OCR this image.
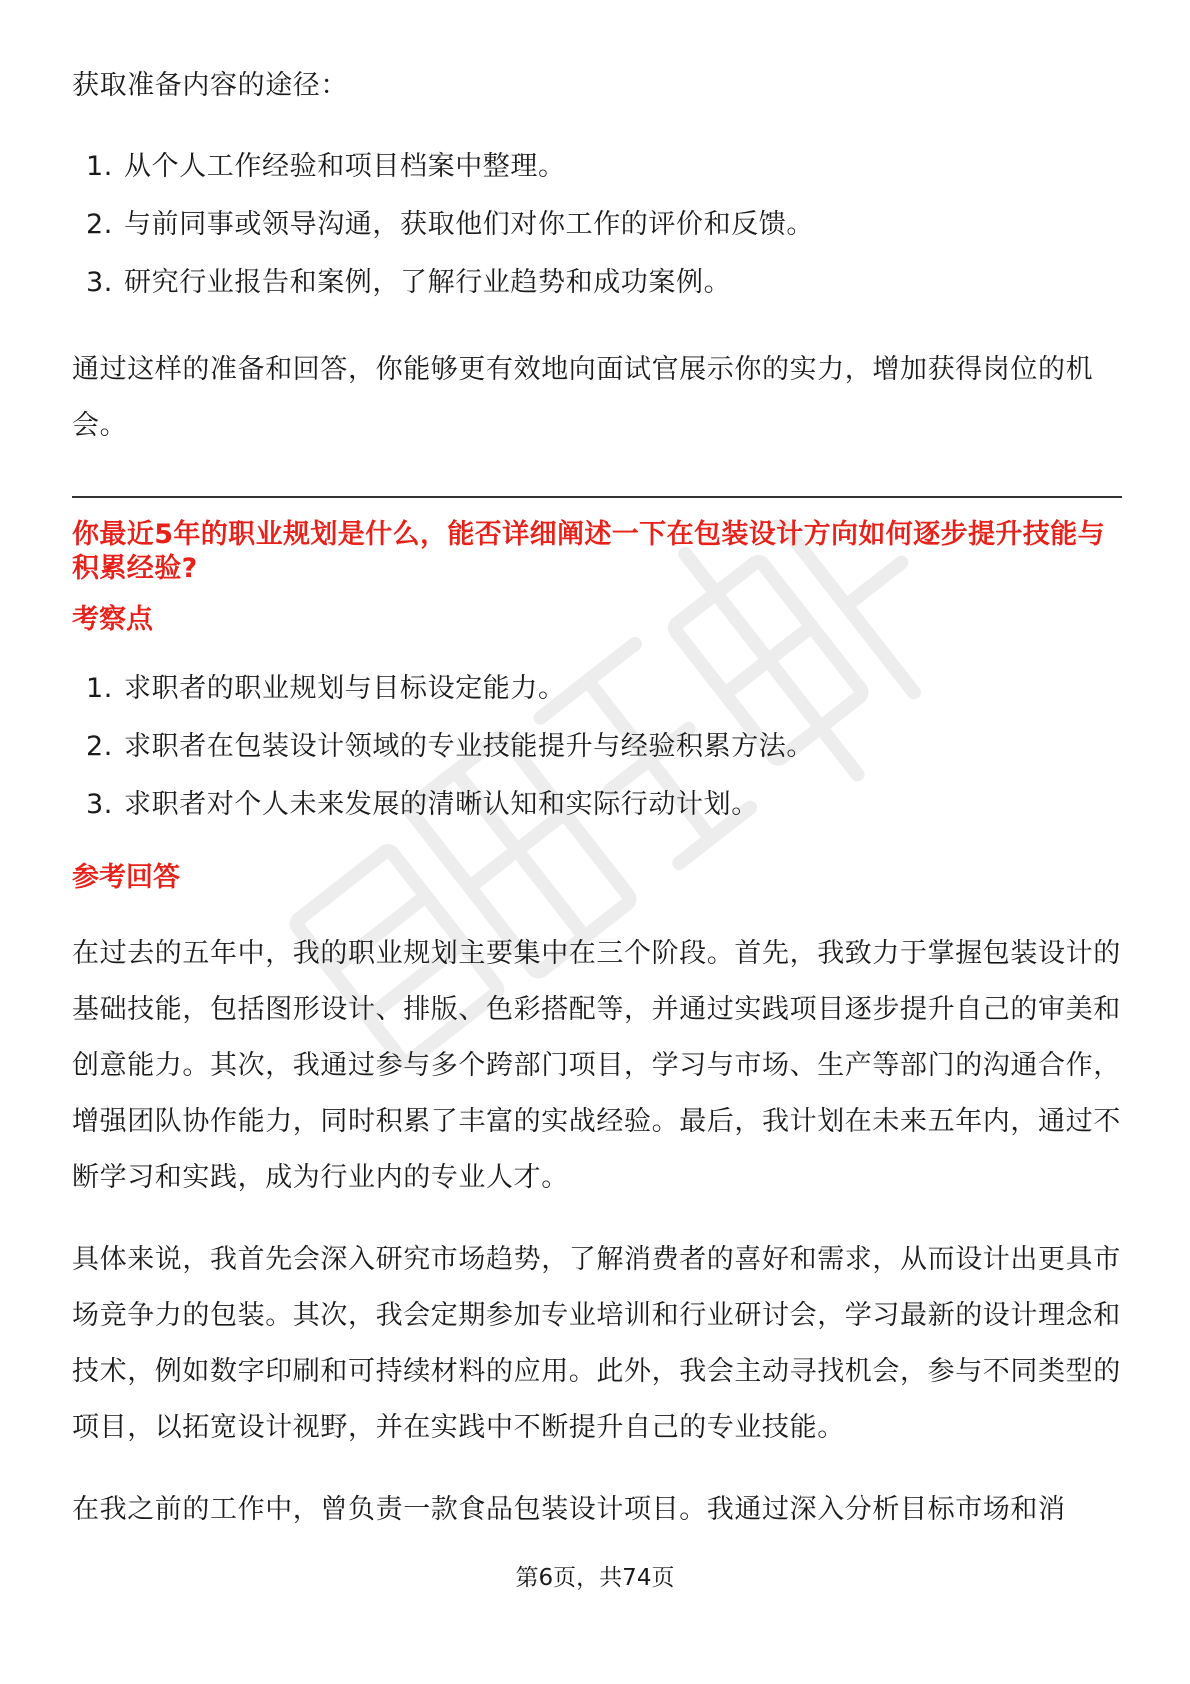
获取准备内容的途径：

1. 从个人工作经验和项目档案中整理。
2. 与前同事或领导沟通，获取他们对你工作的评价和反馈。
3. 研究行业报告和案例，了解行业趋势和成功案例。

通过这样的准备和回答，你能够更有效地向面试官展示你的实力，增加获得岗位的机会。

你最近5年的职业规划是什么，能否详细阐述一下在包装设计方向如何逐步提升技能与积累经验?

考察点

1. 求职者的职业规划与目标设定能力。
2. 求职者在包装设计领域的专业技能提升与经验积累方法。
3. 求职者对个人未来发展的清晰认知和实际行动计划。

参考回答

在过去的五年中，我的职业规划主要集中在三个阶段。首先，我致力于掌握包装设计的基础技能，包括图形设计、排版、色彩搭配等，并通过实践项目逐步提升自己的审美和创意能力。其次，我通过参与多个跨部门项目，学习与市场、生产等部门的沟通合作，增强团队协作能力，同时积累了丰富的实战经验。最后，我计划在未来五年内，通过不断学习和实践，成为行业内的专业人才。

具体来说，我首先会深入研究市场趋势，了解消费者的喜好和需求，从而设计出更具市场竞争力的包装。其次，我会定期参加专业培训和行业研讨会，学习最新的设计理念和技术，例如数字印刷和可持续材料的应用。此外，我会主动寻找机会，参与不同类型的项目，以拓宽设计视野，并在实践中不断提升自己的专业技能。

在我之前的工作中，曾负责一款食品包装设计项目。我通过深入分析目标市场和消

第6页，共74页
